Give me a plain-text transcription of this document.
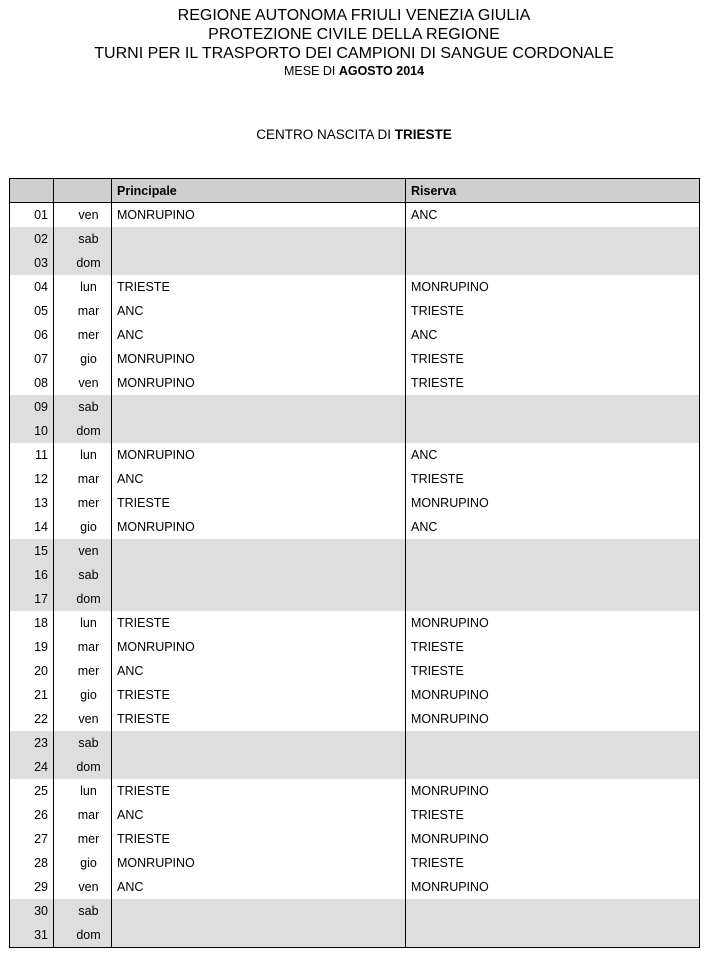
REGIONE AUTONOMA FRIULI VENEZIA GIULIA
PROTEZIONE CIVILE DELLA REGIONE
TURNI PER IL TRASPORTO DEI CAMPIONI DI SANGUE CORDONALE
MESE DI AGOSTO 2014
CENTRO NASCITA DI TRIESTE
		Principale	Riserva
01	ven	MONRUPINO	ANC
02	sab		
03	dom		
04	lun	TRIESTE	MONRUPINO
05	mar	ANC	TRIESTE
06	mer	ANC	ANC
07	gio	MONRUPINO	TRIESTE
08	ven	MONRUPINO	TRIESTE
09	sab		
10	dom		
11	lun	MONRUPINO	ANC
12	mar	ANC	TRIESTE
13	mer	TRIESTE	MONRUPINO
14	gio	MONRUPINO	ANC
15	ven		
16	sab		
17	dom		
18	lun	TRIESTE	MONRUPINO
19	mar	MONRUPINO	TRIESTE
20	mer	ANC	TRIESTE
21	gio	TRIESTE	MONRUPINO
22	ven	TRIESTE	MONRUPINO
23	sab		
24	dom		
25	lun	TRIESTE	MONRUPINO
26	mar	ANC	TRIESTE
27	mer	TRIESTE	MONRUPINO
28	gio	MONRUPINO	TRIESTE
29	ven	ANC	MONRUPINO
30	sab		
31	dom		
